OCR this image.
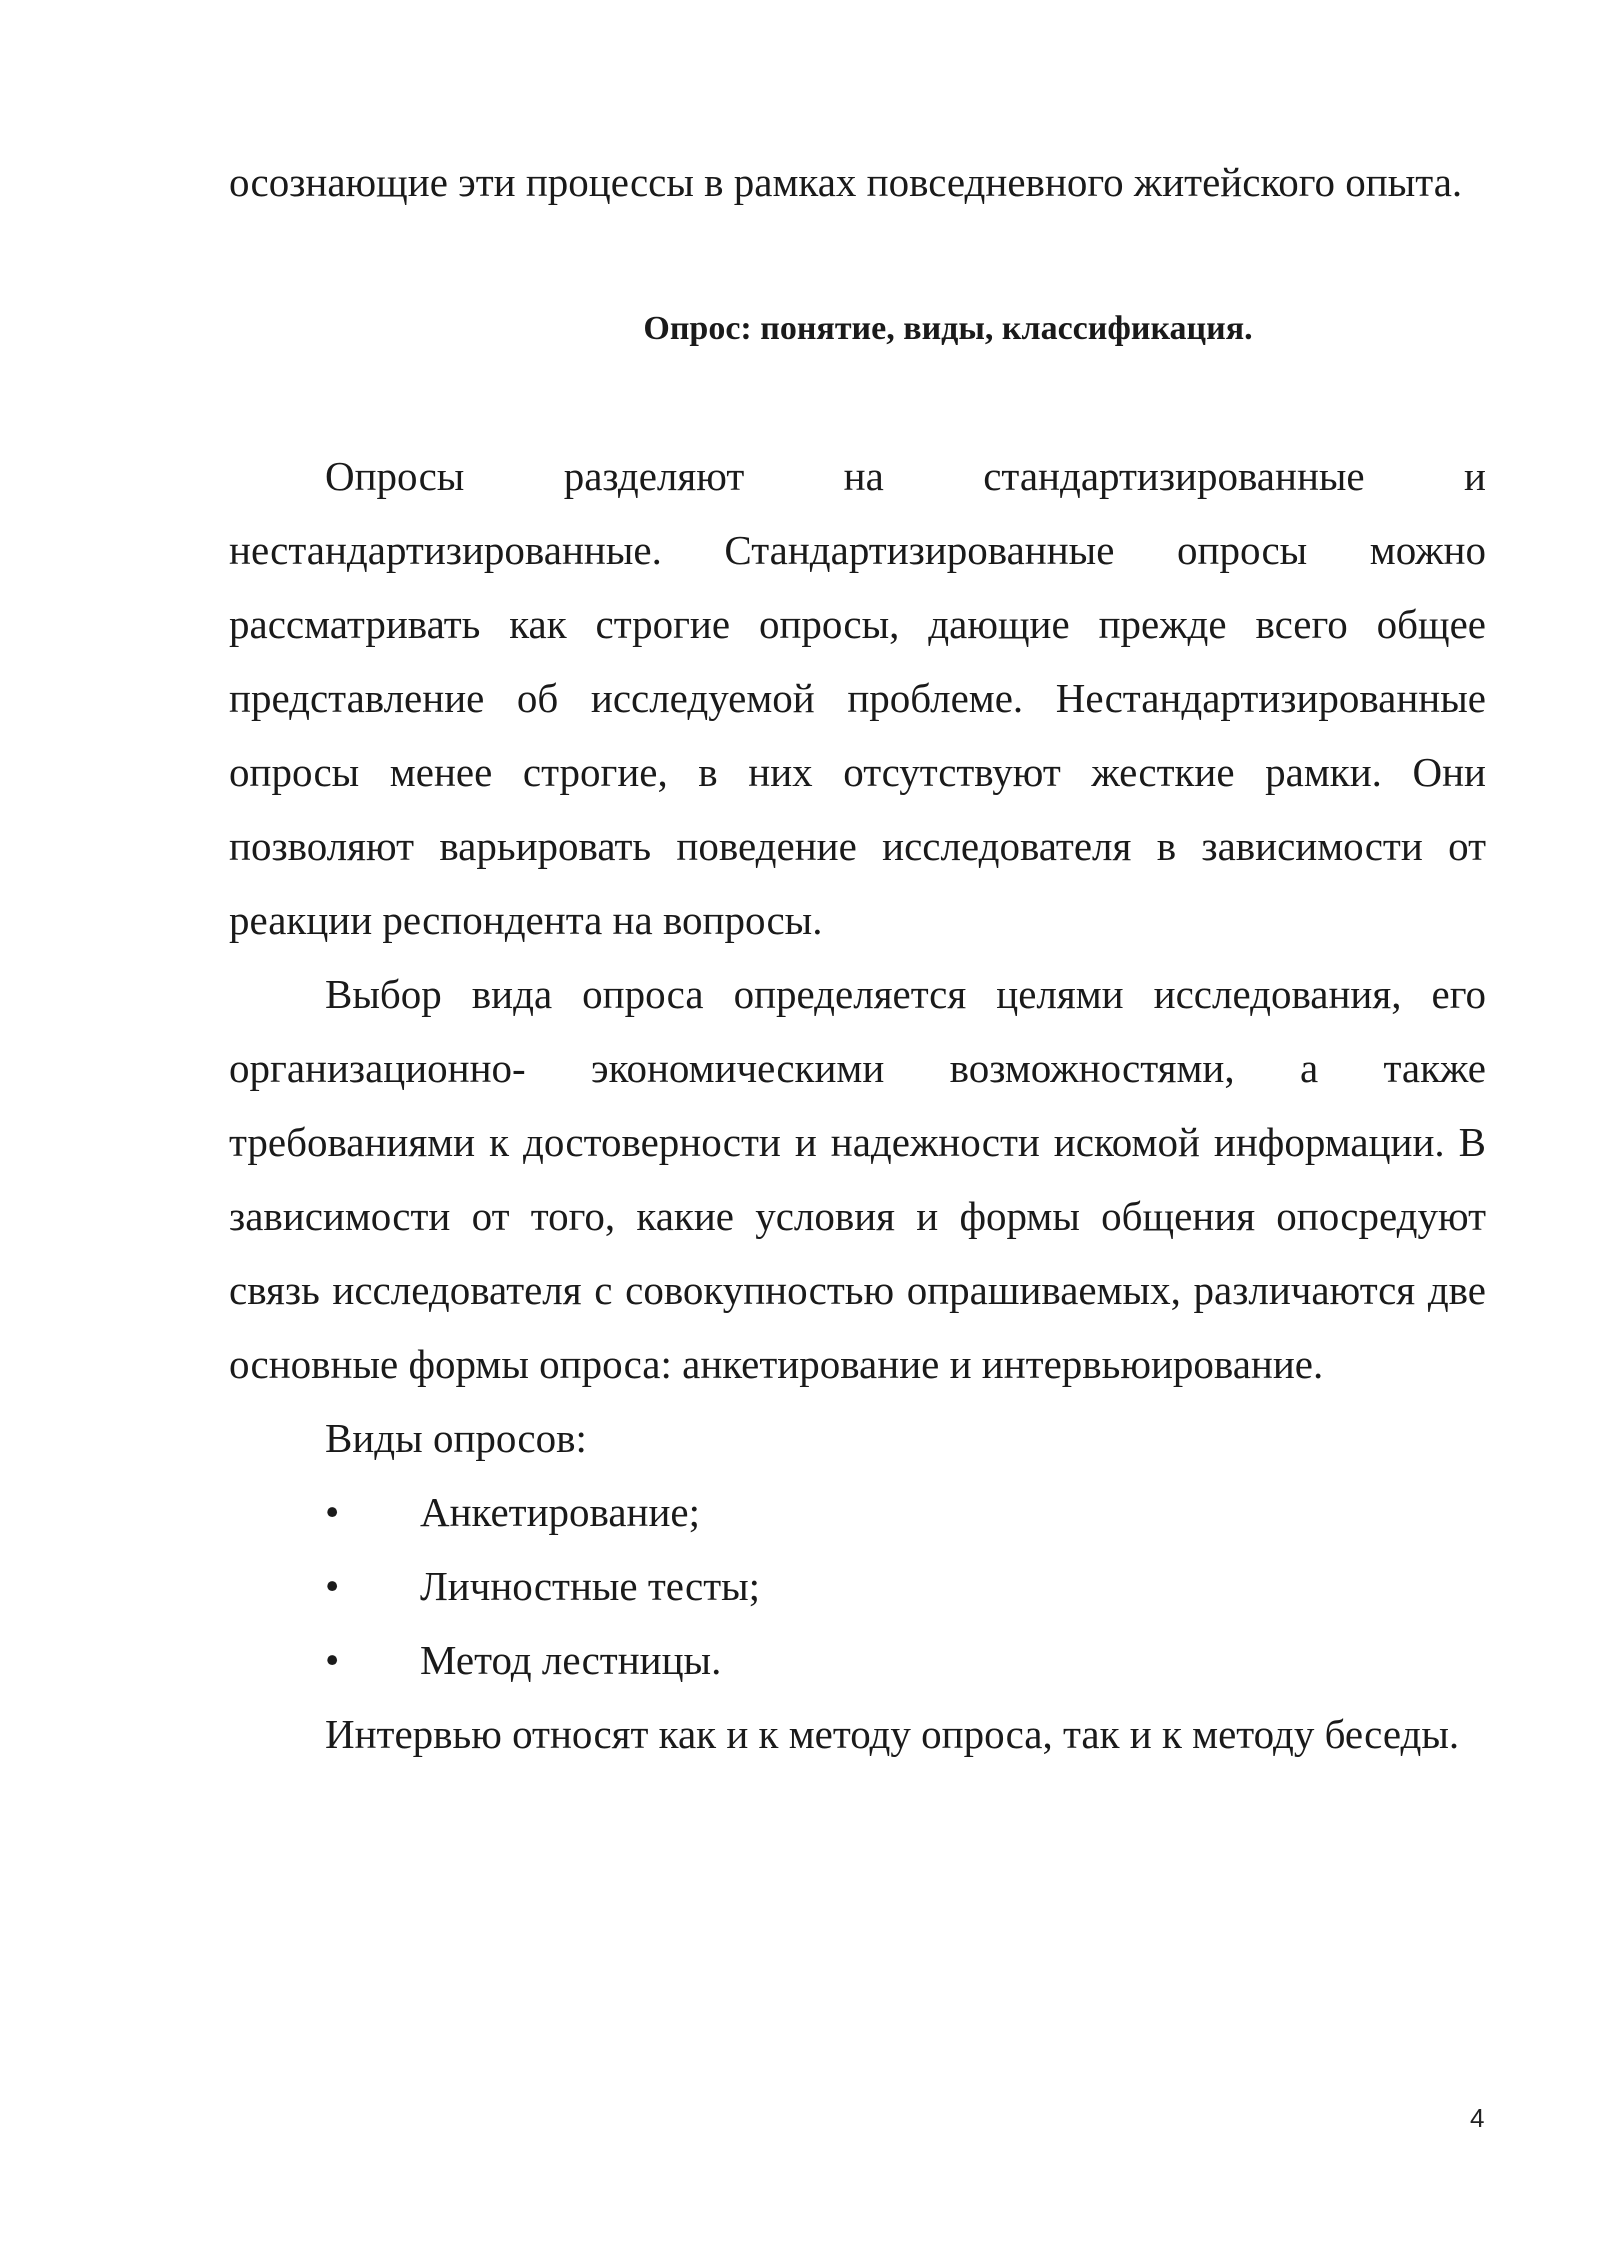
осознающие эти процессы в рамках повседневного житейского опыта.

Опрос: понятие, виды, классификация.

Опросы разделяют на стандартизированные и нестандартизированные. Стандартизированные опросы можно рассматривать как строгие опросы, дающие прежде всего общее представление об исследуемой проблеме. Нестандартизированные опросы менее строгие, в них отсутствуют жесткие рамки. Они позволяют варьировать поведение исследователя в зависимости от реакции респондента на вопросы.

Выбор вида опроса определяется целями исследования, его организационно- экономическими возможностями, а также требованиями к достоверности и надежности искомой информации. В зависимости от того, какие условия и формы общения опосредуют связь исследователя с совокупностью опрашиваемых, различаются две основные формы опроса: анкетирование и интервьюирование.

Виды опросов:

• Анкетирование;
• Личностные тесты;
• Метод лестницы.

Интервью относят как и к методу опроса, так и к методу беседы.

4
